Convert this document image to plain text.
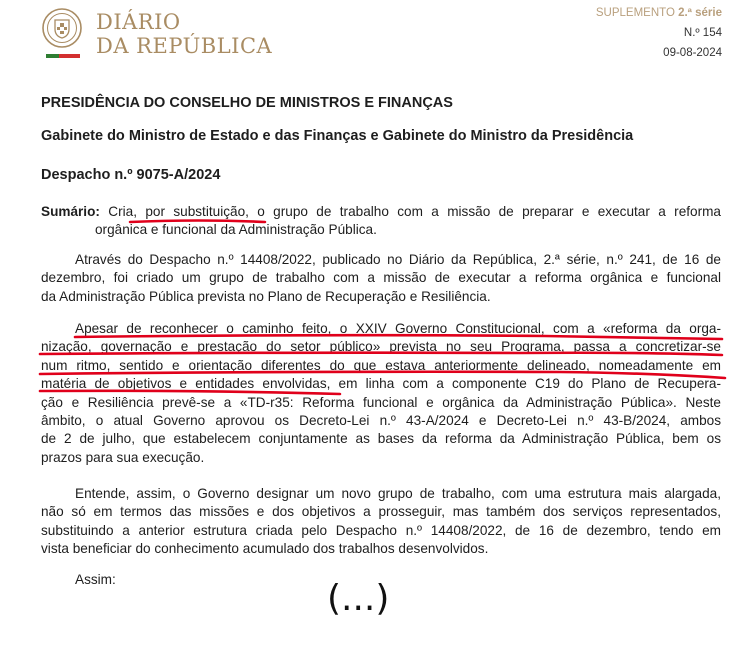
DIÁRIO
DA REPÚBLICA
SUPLEMENTO 2.ª série
N.º 154
09-08-2024
PRESIDÊNCIA DO CONSELHO DE MINISTROS E FINANÇAS
Gabinete do Ministro de Estado e das Finanças e Gabinete do Ministro da Presidência
Despacho n.º 9075-A/2024
Sumário: Cria, por substituição, o grupo de trabalho com a missão de preparar e executar a reforma
orgânica e funcional da Administração Pública.
Através do Despacho n.º 14408/2022, publicado no Diário da República, 2.ª série, n.º 241, de 16 de
dezembro, foi criado um grupo de trabalho com a missão de executar a reforma orgânica e funcional
da Administração Pública prevista no Plano de Recuperação e Resiliência.
Apesar de reconhecer o caminho feito, o XXIV Governo Constitucional, com a «reforma da orga-
nização, governação e prestação do setor público» prevista no seu Programa, passa a concretizar-se
num ritmo, sentido e orientação diferentes do que estava anteriormente delineado, nomeadamente em
matéria de objetivos e entidades envolvidas, em linha com a componente C19 do Plano de Recupera-
ção e Resiliência prevê-se a «TD-r35: Reforma funcional e orgânica da Administração Pública». Neste
âmbito, o atual Governo aprovou os Decreto-Lei n.º 43-A/2024 e Decreto-Lei n.º 43-B/2024, ambos
de 2 de julho, que estabelecem conjuntamente as bases da reforma da Administração Pública, bem os
prazos para sua execução.
Entende, assim, o Governo designar um novo grupo de trabalho, com uma estrutura mais alargada,
não só em termos das missões e dos objetivos a prosseguir, mas também dos serviços representados,
substituindo a anterior estrutura criada pelo Despacho n.º 14408/2022, de 16 de dezembro, tendo em
vista beneficiar do conhecimento acumulado dos trabalhos desenvolvidos.
Assim:	(...)
